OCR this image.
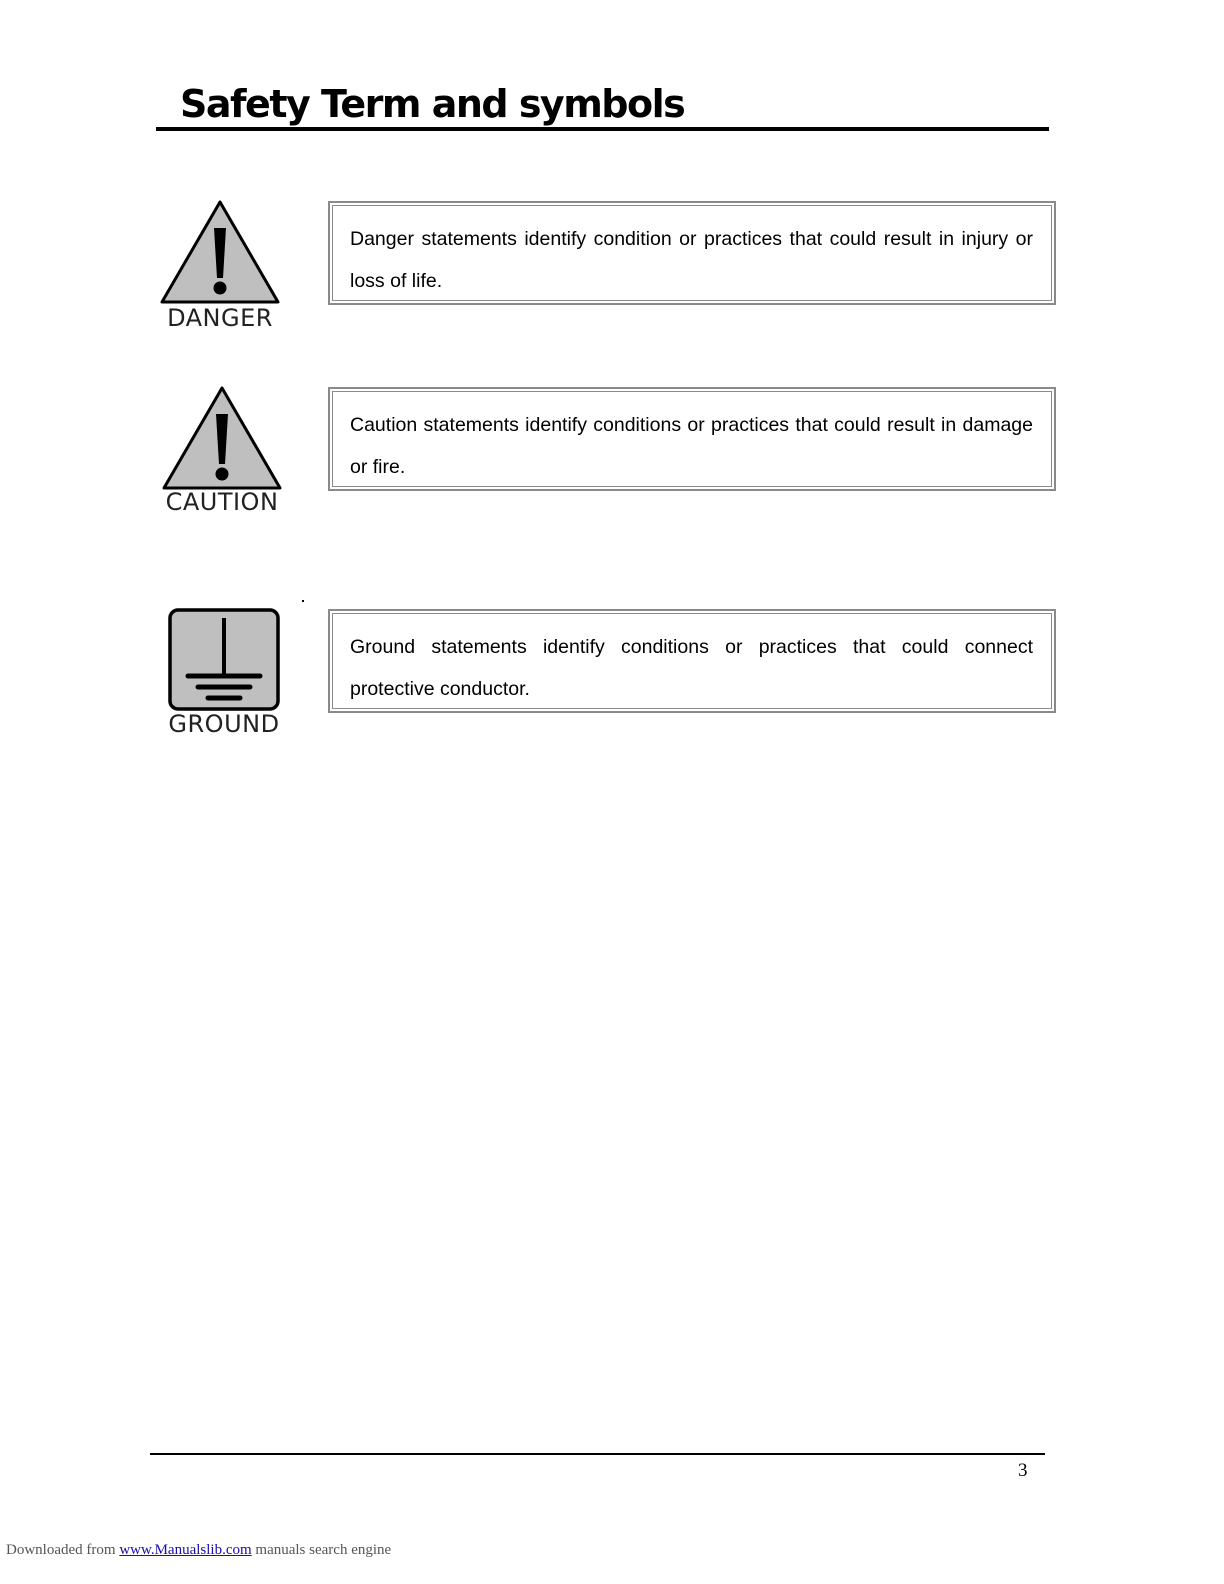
Safety Term and symbols
DANGER
Danger statements identify condition or practices that could result in injury or loss of life.
CAUTION
Caution statements identify conditions or practices that could result in damage or fire.
GROUND
Ground statements identify conditions or practices that could connect protective conductor.
3
Downloaded from www.Manualslib.com manuals search engine
